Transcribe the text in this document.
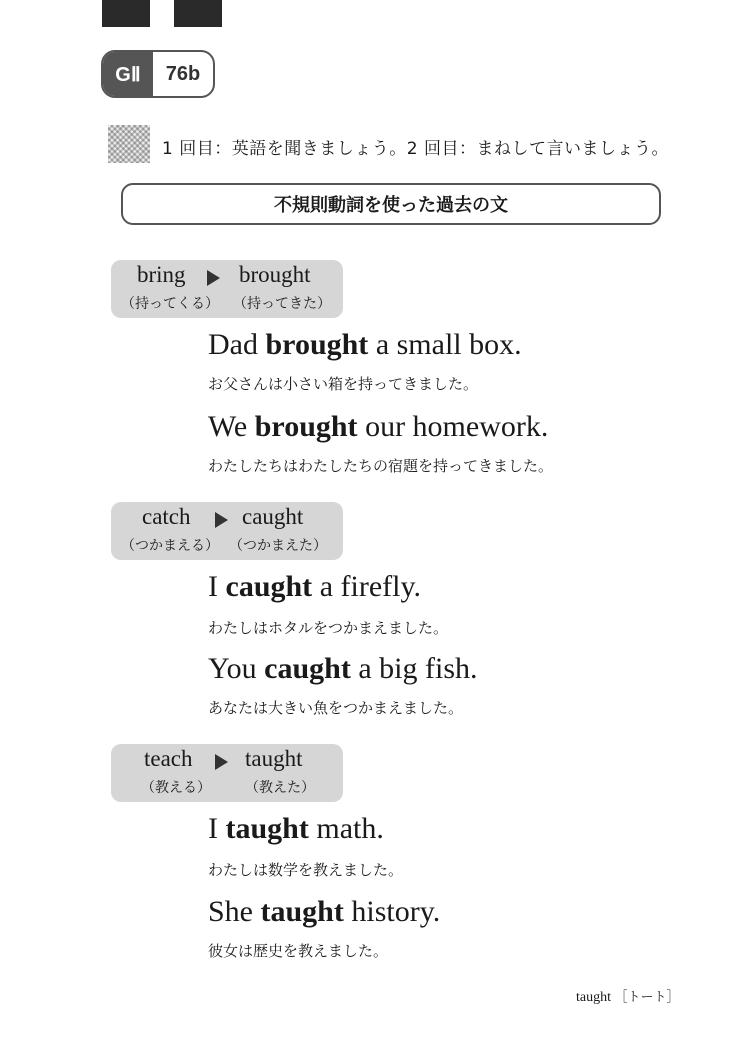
GⅡ	76b
1 回目：英語を聞きましょう。2 回目：まねして言いましょう。
不規則動詞を使った過去の文
bring brought
（持ってくる） （持ってきた）
Dad brought a small box.
お父さんは小さい箱を持ってきました。
We brought our homework.
わたしたちはわたしたちの宿題を持ってきました。
catch caught
（つかまえる） （つかまえた）
I caught a firefly.
わたしはホタルをつかまえました。
You caught a big fish.
あなたは大きい魚をつかまえました。
teach taught
（教える） （教えた）
I taught math.
わたしは数学を教えました。
She taught history.
彼女は歴史を教えました。
taught ［トート］
